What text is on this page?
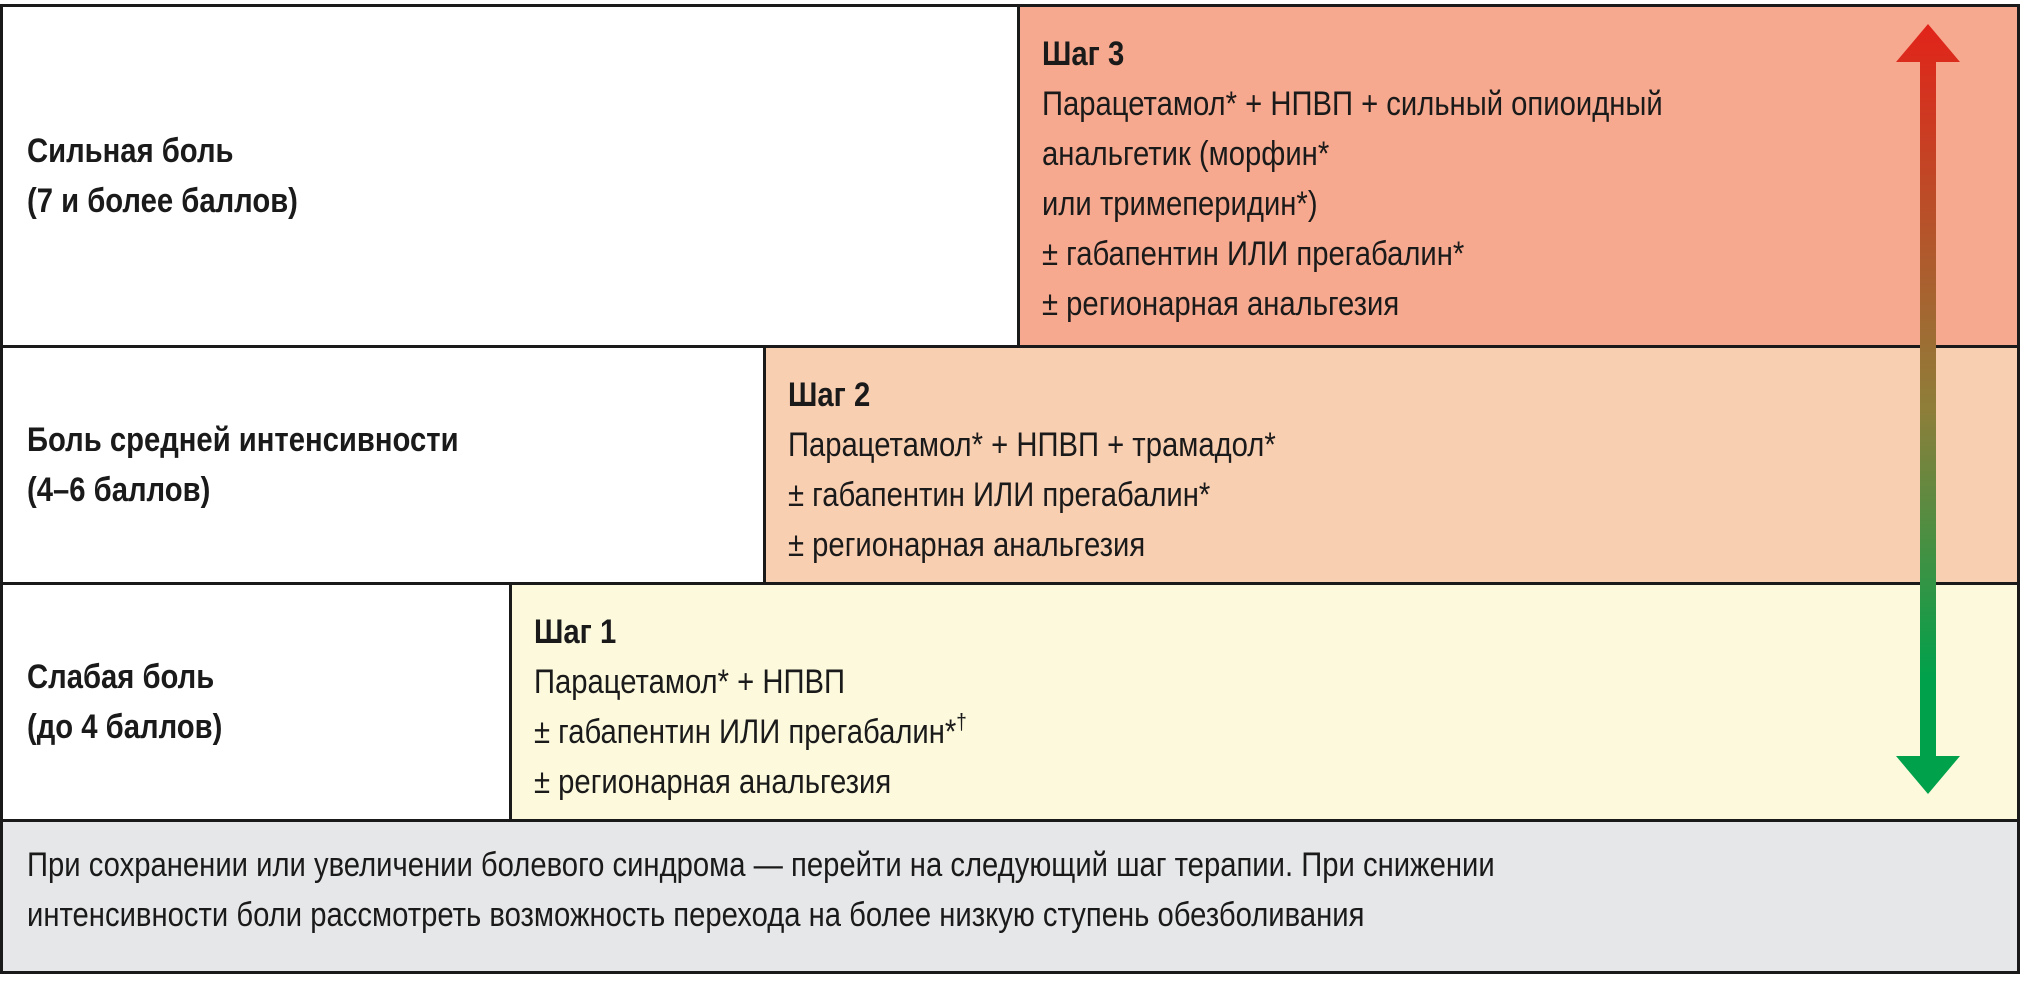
Сильная боль
(7 и более баллов)
Шаг 3
Парацетамол* + НПВП + сильный опиоидный
анальгетик (морфин*
или тримеперидин*)
± габапентин ИЛИ прегабалин*
± регионарная анальгезия
Боль средней интенсивности
(4–6 баллов)
Шаг 2
Парацетамол* + НПВП + трамадол*
± габапентин ИЛИ прегабалин*
± регионарная анальгезия
Слабая боль
(до 4 баллов)
Шаг 1
Парацетамол* + НПВП
± габапентин ИЛИ прегабалин*†
± регионарная анальгезия
При сохранении или увеличении болевого синдрома — перейти на следующий шаг терапии. При снижении
интенсивности боли рассмотреть возможность перехода на более низкую ступень обезболивания
